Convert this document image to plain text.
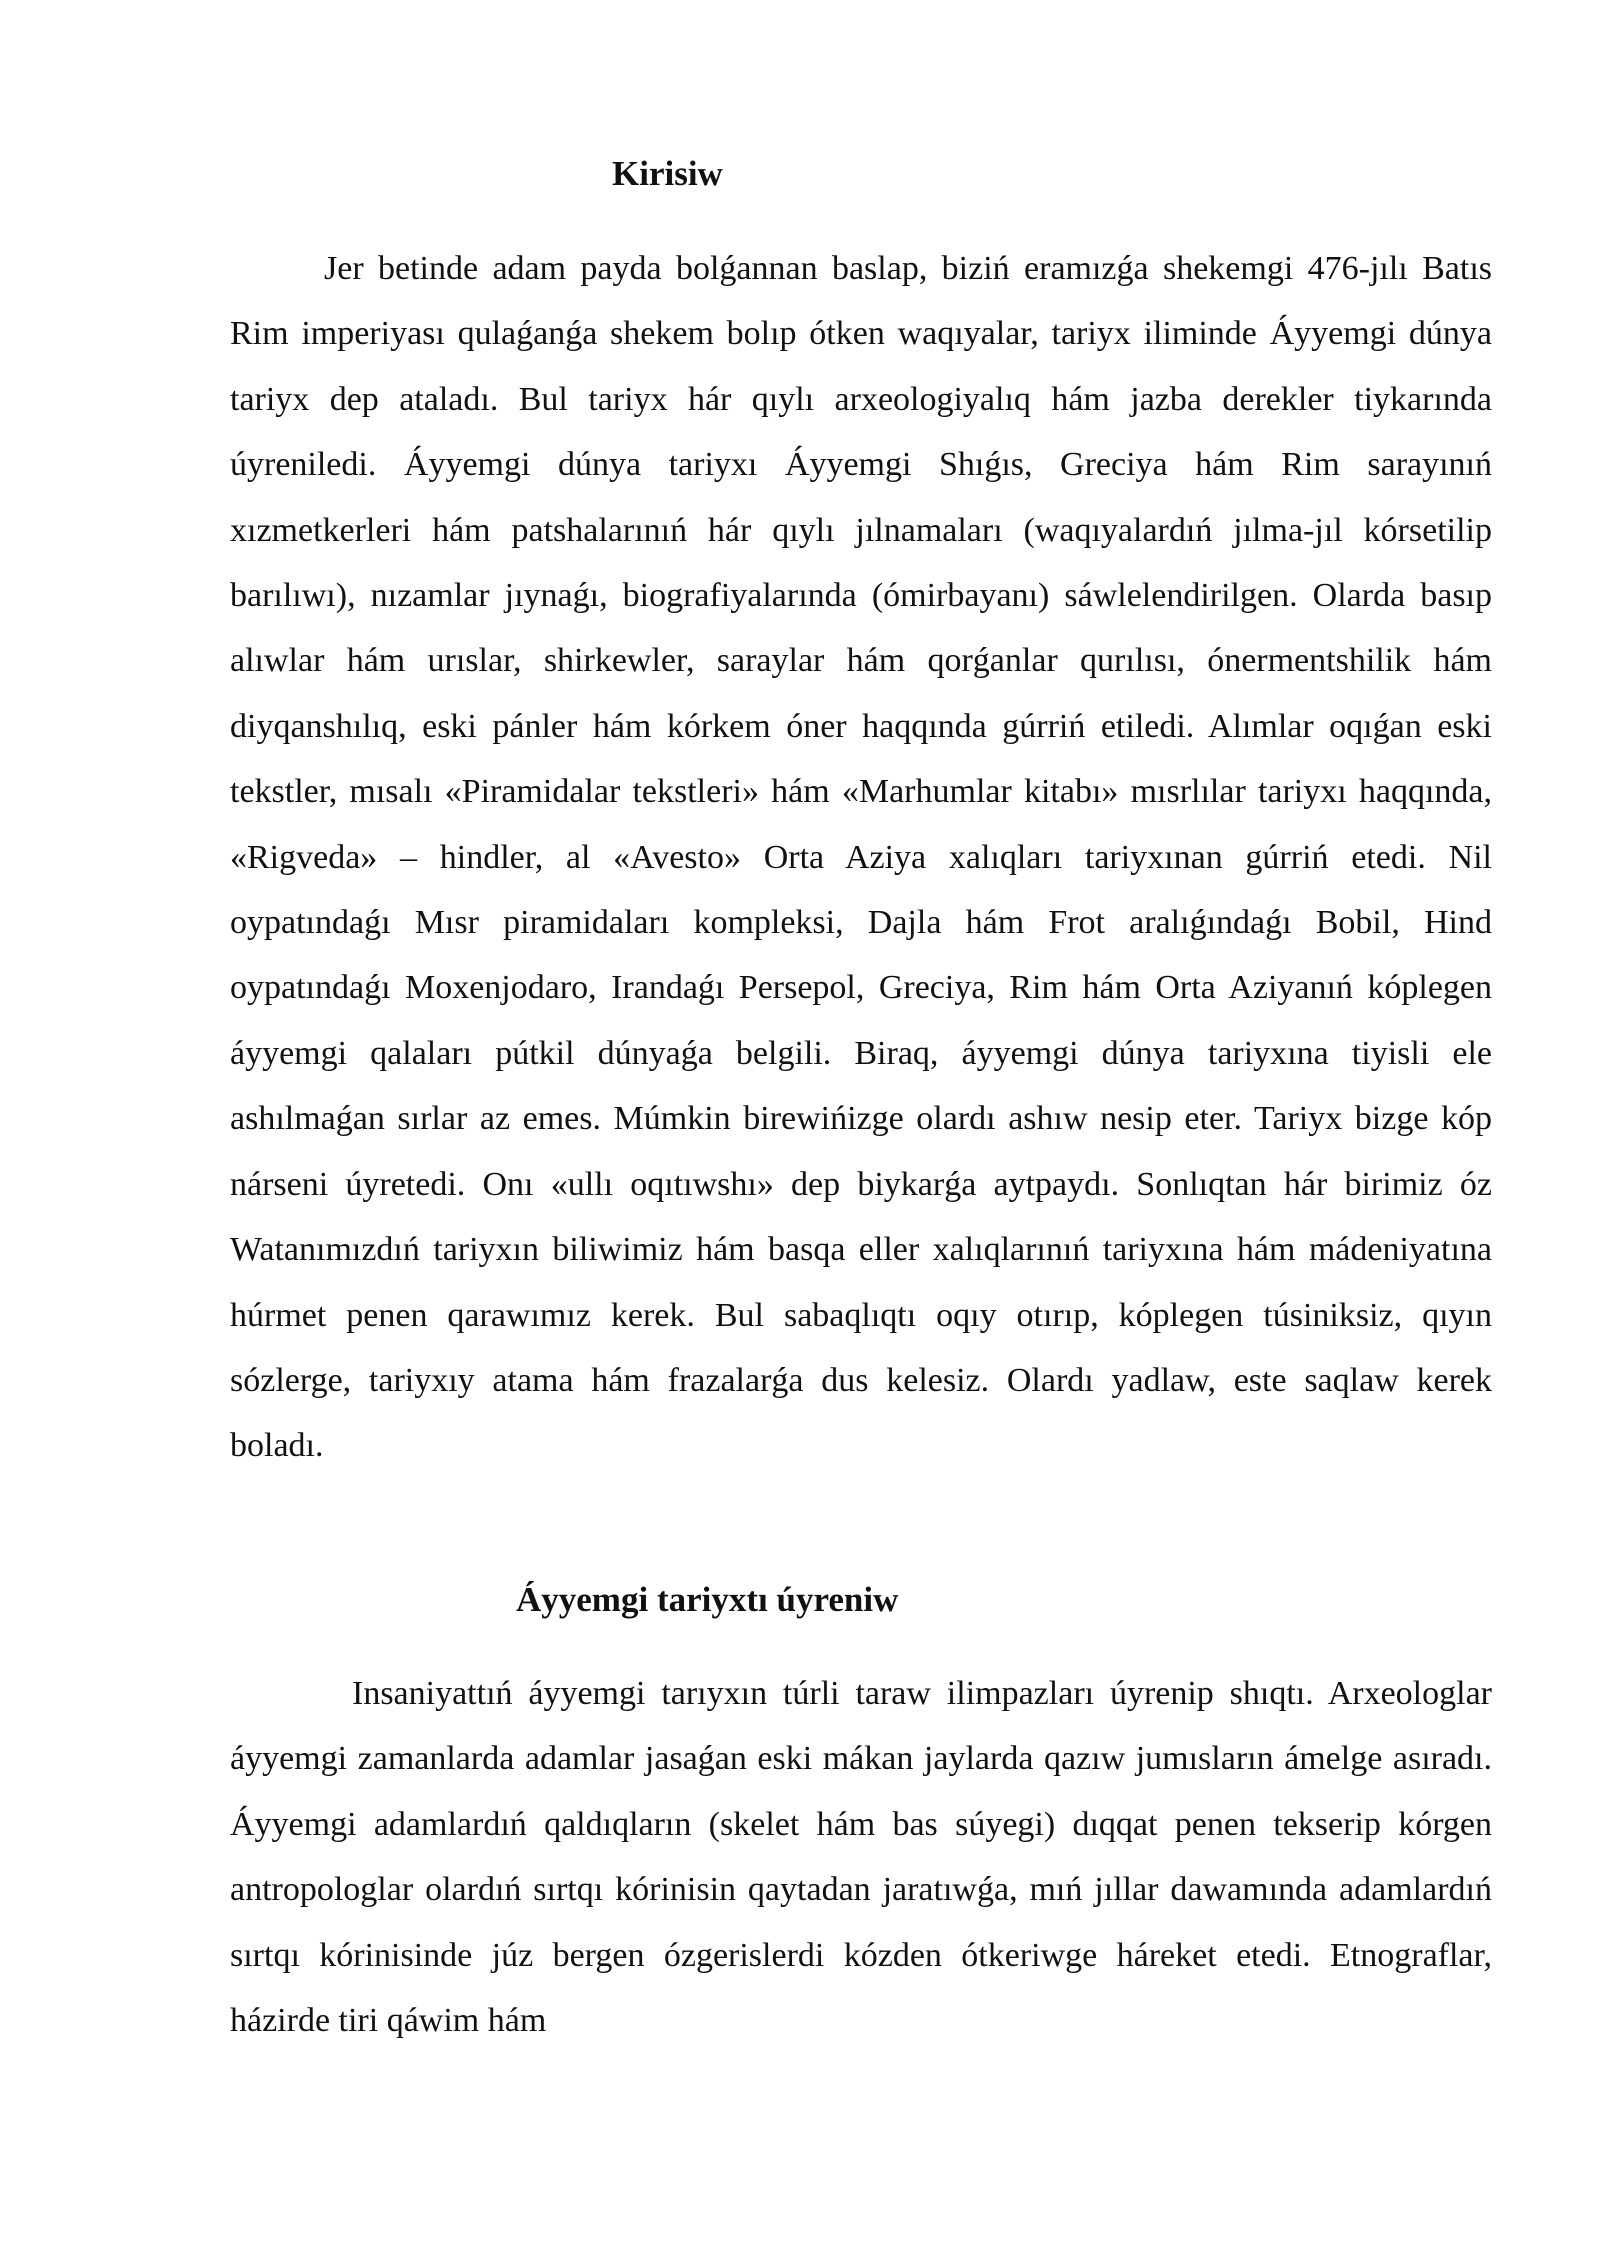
Kirisiw

Jer betinde adam payda bolǵannan baslap, biziń eramızǵa shekemgi 476-jılı Batıs Rim imperiyası qulaǵanǵa shekem bolıp ótken waqıyalar, tariyx iliminde Áyyemgi dúnya tariyx dep ataladı. Bul tariyx hár qıylı arxeologiyalıq hám jazba derekler tiykarında úyreniledi. Áyyemgi dúnya tariyxı Áyyemgi Shıǵıs, Greciya hám Rim sarayınıń xızmetkerleri hám patshalarınıń hár qıylı jılnamaları (waqıyalardıń jılma-jıl kórsetilip barılıwı), nızamlar jıynaǵı, biografiyalarında (ómirbayanı) sáwlelendirilgen. Olarda basıp alıwlar hám urıslar, shirkewler, saraylar hám qorǵanlar qurılısı, ónermentshilik hám diyqanshılıq, eski pánler hám kórkem óner haqqında gúrriń etiledi. Alımlar oqıǵan eski tekstler, mısalı «Piramidalar tekstleri» hám «Marhumlar kitabı» mısrlılar tariyxı haqqında, «Rigveda» – hindler, al «Avesto» Orta Aziya xalıqları tariyxınan gúrriń etedi. Nil oypatındaǵı Mısr piramidaları kompleksi, Dajla hám Frot aralıǵındaǵı Bobil, Hind oypatındaǵı Moxenjodaro, Irandaǵı Persepol, Greciya, Rim hám Orta Aziyanıń kóplegen áyyemgi qalaları pútkil dúnyaǵa belgili. Biraq, áyyemgi dúnya tariyxına tiyisli ele ashılmaǵan sırlar az emes. Múmkin birewińizge olardı ashıw nesip eter. Tariyx bizge kóp nárseni úyretedi. Onı «ullı oqıtıwshı» dep biykarǵa aytpaydı. Sonlıqtan hár birimiz óz Watanımızdıń tariyxın biliwimiz hám basqa eller xalıqlarınıń tariyxına hám mádeniyatına húrmet penen qarawımız kerek. Bul sabaqlıqtı oqıy otırıp, kóplegen túsiniksiz, qıyın sózlerge, tariyxıy atama hám frazalarǵa dus kelesiz. Olardı yadlaw, este saqlaw kerek boladı.

Áyyemgi tariyxtı úyreniw

Insaniyattıń áyyemgi tarıyxın túrli taraw ilimpazları úyrenip shıqtı. Arxeologlar áyyemgi zamanlarda adamlar jasaǵan eski mákan jaylarda qazıw jumısların ámelge asıradı. Áyyemgi adamlardıń qaldıqların (skelet hám bas súyegi) dıqqat penen tekserip kórgen antropologlar olardıń sırtqı kórinisin qaytadan jaratıwǵa, mıń jıllar dawamında adamlardıń sırtqı kórinisinde júz bergen ózgerislerdi kózden ótkeriwge háreket etedi. Etnograflar, házirde tiri qáwim hám
